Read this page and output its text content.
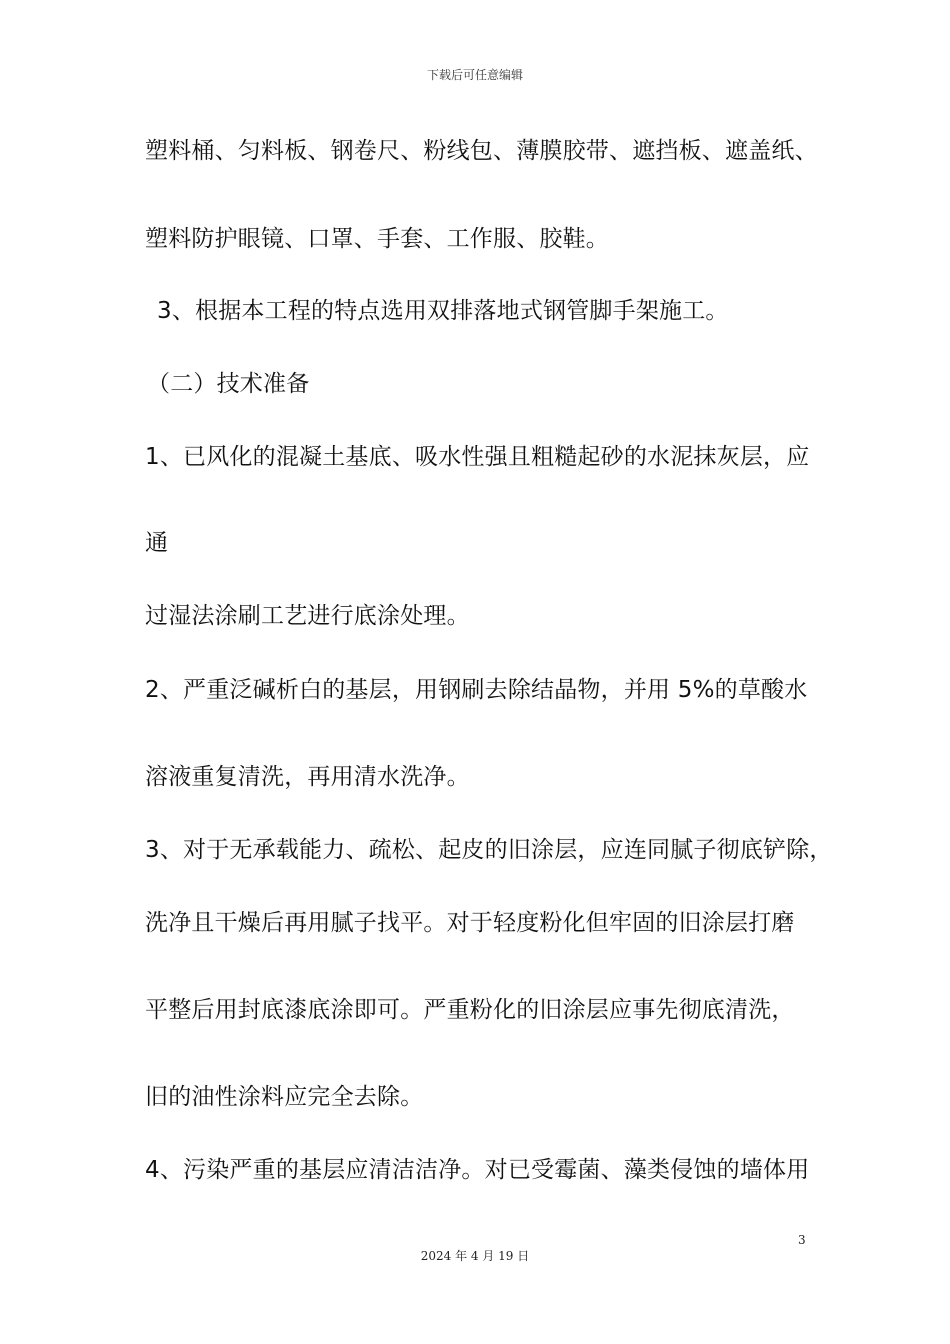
下载后可任意编辑
塑料桶、匀料板、钢卷尺、粉线包、薄膜胶带、遮挡板、遮盖纸、
塑料防护眼镜、口罩、手套、工作服、胶鞋。
3、根据本工程的特点选用双排落地式钢管脚手架施工。
（二）技术准备
1、已风化的混凝土基底、吸水性强且粗糙起砂的水泥抹灰层，应
通
过湿法涂刷工艺进行底涂处理。
2、严重泛碱析白的基层，用钢刷去除结晶物，并用 5%的草酸水
溶液重复清洗，再用清水洗净。
3、对于无承载能力、疏松、起皮的旧涂层，应连同腻子彻底铲除，
洗净且干燥后再用腻子找平。对于轻度粉化但牢固的旧涂层打磨
平整后用封底漆底涂即可。严重粉化的旧涂层应事先彻底清洗，
旧的油性涂料应完全去除。
4、污染严重的基层应清洁洁净。对已受霉菌、藻类侵蚀的墙体用
3
2024 年 4 月 19 日
